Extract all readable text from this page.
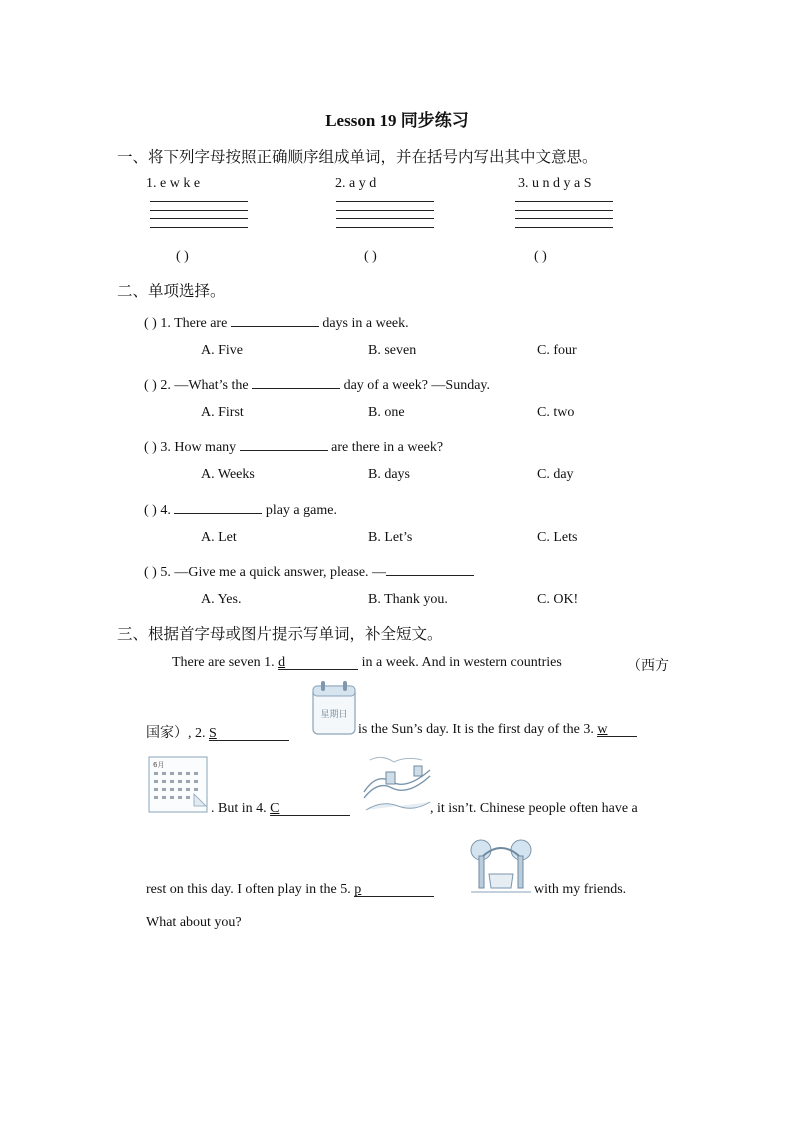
Lesson 19 同步练习
一、将下列字母按照正确顺序组成单词，并在括号内写出其中文意思。
1. e w k e
( )
2. a y d
( )
3. u n d y a S
( )
二、单项选择。
( ) 1. There are	days in a week.
A. Five	B. seven	C. four
( ) 2. —What’s the	day of a week? —Sunday.
A. First	B. one	C. two
( ) 3. How many	are there in a week?
A. Weeks	B. days	C. day
( ) 4.	play a game.
A. Let	B. Let’s	C. Lets
( ) 5. —Give me a quick answer, please. —
A. Yes.	B. Thank you.	C. OK!
三、根据首字母或图片提示写单词，补全短文。
There are seven 1. d	in a week. And in western countries	（西方
星期日
国家）, 2. S	is the Sun’s day. It is the first day of the 3. w
6月
. But in 4. C	, it isn’t. Chinese people often have a
rest on this day. I often play in the 5. p	with my friends.
What about you?
